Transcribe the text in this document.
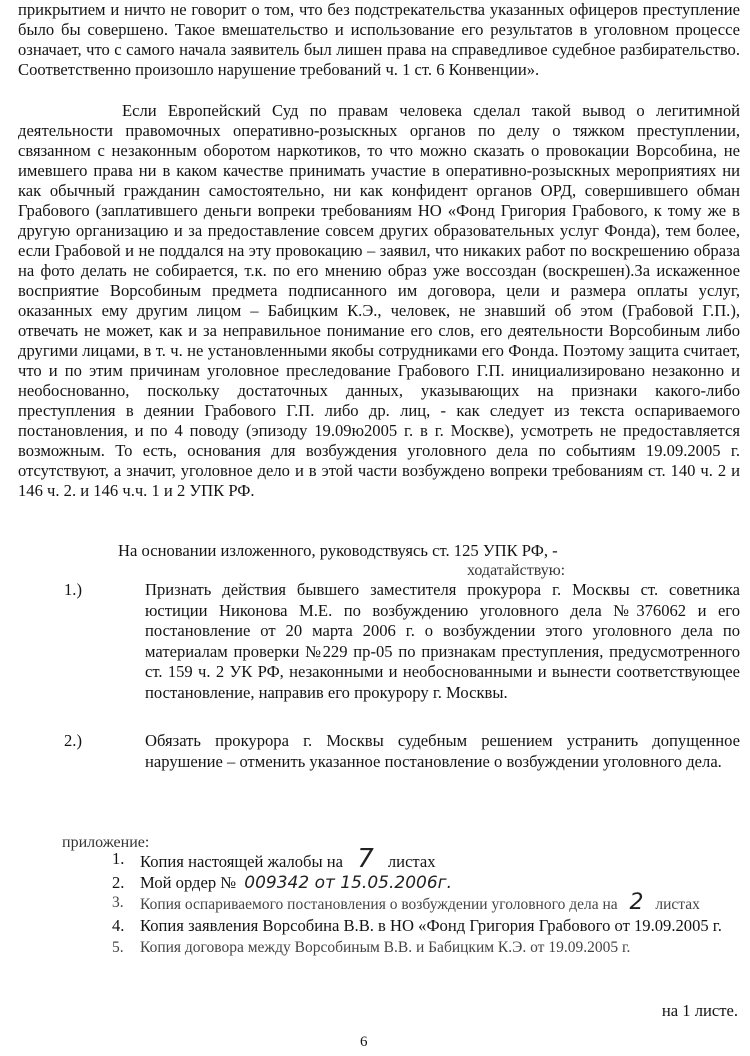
прикрытием и ничто не говорит о том, что без подстрекательства указанных офицеров преступление было бы совершено. Такое вмешательство и использование его результатов в уголовном процессе означает, что с самого начала заявитель был лишен права на справедливое судебное разбирательство. Соответственно произошло нарушение требований ч. 1 ст. 6 Конвенции».

Если Европейский Суд по правам человека сделал такой вывод о легитимной деятельности правомочных оперативно-розыскных органов по делу о тяжком преступлении, связанном с незаконным оборотом наркотиков, то что можно сказать о провокации Ворсобина, не имевшего права ни в каком качестве принимать участие в оперативно-розыскных мероприятиях ни как обычный гражданин самостоятельно, ни как конфидент органов ОРД, совершившего обман Грабового (заплатившего деньги вопреки требованиям НО «Фонд Григория Грабового, к тому же в другую организацию и за предоставление совсем других образовательных услуг Фонда), тем более, если Грабовой и не поддался на эту провокацию – заявил, что никаких работ по воскрешению образа на фото делать не собирается, т.к. по его мнению образ уже воссоздан (воскрешен).За искаженное восприятие Ворсобиным предмета подписанного им договора, цели и размера оплаты услуг, оказанных ему другим лицом – Бабицким К.Э., человек, не знавший об этом (Грабовой Г.П.), отвечать не может, как и за неправильное понимание его слов, его деятельности Ворсобиным либо другими лицами, в т. ч. не установленными якобы сотрудниками его Фонда. Поэтому защита считает, что и по этим причинам уголовное преследование Грабового Г.П. инициализировано незаконно и необоснованно, поскольку достаточных данных, указывающих на признаки какого-либо преступления в деянии Грабового Г.П. либо др. лиц, - как следует из текста оспариваемого постановления, и по 4 поводу (эпизоду 19.09ю2005 г. в г. Москве), усмотреть не предоставляется возможным. То есть, основания для возбуждения уголовного дела по событиям 19.09.2005 г. отсутствуют, а значит, уголовное дело и в этой части возбуждено вопреки требованиям ст. 140 ч. 2 и 146 ч. 2. и 146 ч.ч. 1 и 2 УПК РФ.

На основании изложенного, руководствуясь ст. 125 УПК РФ, -

ходатайствую:

1.)	Признать действия бывшего заместителя прокурора г. Москвы ст. советника юстиции Никонова М.Е. по возбуждению уголовного дела №376062 и его постановление от 20 марта 2006 г. о возбуждении этого уголовного дела по материалам проверки №229 пр-05 по признакам преступления, предусмотренного ст. 159 ч. 2 УК РФ, незаконными и необоснованными и вынести соответствующее постановление, направив его прокурору г. Москвы.

2.)	Обязать прокурора г. Москвы судебным решением устранить допущенное нарушение – отменить указанное постановление о возбуждении уголовного дела.

приложение:

1. Копия настоящей жалобы на 7 листах
2. Мой ордер № 009342 от 15.05.2006г.
3. Копия оспариваемого постановления о возбуждении уголовного дела на 2 листах
4. Копия заявления Ворсобина В.В. в НО «Фонд Григория Грабового от 19.09.2005 г.
5. Копия договора между Ворсобиным В.В. и Бабицким К.Э. от 19.09.2005 г.

на 1 листе.

6
